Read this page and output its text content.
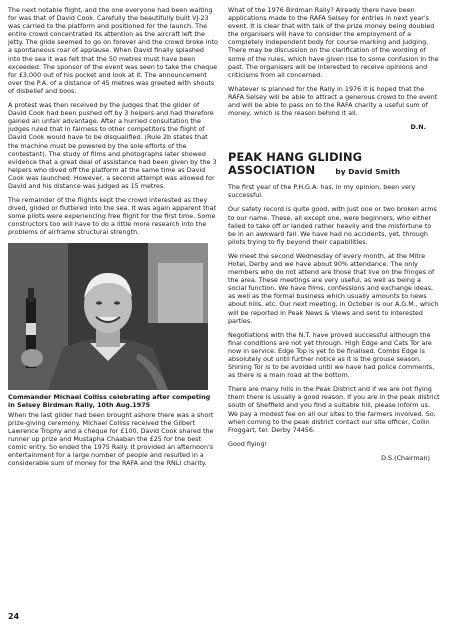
The next notable flight, and the one everyone had been waiting for was that of David Cook. Carefully the beautifully built VJ-23 was carried to the platform and positioned for the launch. The entire crowd concentrated its attention as the aircraft left the jetty. The glide seemed to go on forever and the crowd broke into a spontaneous roar of applause. When David finally splashed into the sea it was felt that the 50 metres must have been exceeded. The sponsor of the event was seen to take the cheque for £3,000 out of his pocket and look at it. The announcement over the P.A. of a distance of 45 metres was greeted with shouts of disbelief and boos.

A protest was then received by the judges that the glider of David Cook had been pushed off by 3 helpers and had therefore gained an unfair advantage. After a hurried consultation the judges ruled that in fairness to other competitors the flight of David Cook would have to be disqualified. (Rule 2b states that the machine must be powered by the sole efforts of the contestant). The study of films and photographs later showed evidence that a great deal of assistance had been given by the 3 helpers who dived off the platform at the same time as David Cook was launched. However, a second attempt was allowed for David and his distance was judged as 15 metres.

The remainder of the flights kept the crowd interested as they dived, glided or fluttered into the sea. It was again apparent that some pilots were experiencing free flight for the first time. Some constructors too will have to do a little more research into the problems of airframe structural strength.

Commander Michael Colliss celebrating after competing in Selsey Birdman Rally, 10th Aug.1975

When the last glider had been brought ashore there was a short prize-giving ceremony. Michael Colliss received the Gilbert Lawrence Trophy and a cheque for £100, David Cook shared the runner up prize and Mustapha Chaaban the £25 for the best comic entry. So ended the 1975 Rally. It provided an afternoon's entertainment for a large number of people and resulted in a considerable sum of money for the RAFA and the RNLI charity.

What of the 1976 Birdman Rally? Already there have been applications made to the RAFA Selsey for entries in next year's event. It is clear that with talk of the prize money being doubled the organisers will have to consider the employment of a completely independent body for course marking and judging. There may be discussion on the clarification of the wording of some of the rules, which have given rise to some confusion in the past. The organisers will be interested to receive opinions and criticisms from all concerned.

Whatever is planned for the Rally in 1976 it is hoped that the RAFA Selsey will be able to attract a generous crowd to the event and will be able to pass on to the RAFA charity a useful sum of money, which is the reason behind it all.

D.N.

PEAK HANG GLIDING
ASSOCIATION	by David Smith

The first year of the P.H.G.A. has, in my opinion, been very successful.

Our safety record is quite good, with just one or two broken arms to our name. These, all except one, were beginners, who either failed to take off or landed rather heavily and the misfortune to be in an awkward fall. We have had no accidents, yet, through pilots trying to fly beyond their capabilities.

We meet the second Wednesday of every month, at the Mitre Hotel, Derby and we have about 90% attendance. The only members who do not attend are those that live on the fringes of the area. These meetings are very useful, as well as being a social function. We have films, confessions and exchange ideas, as well as the formal business which usually amounts to news about hills, etc. Our next meeting, in October is our A.G.M., which will be reported in Peak News & Views and sent to interested parties.

Negotiations with the N.T. have proved successful although the final conditions are not yet through. High Edge and Cats Tor are now in service. Edge Top is yet to be finalised. Combs Edge is absolutely out until further notice as it is the grouse season. Shining Tor is to be avoided until we have had police comments, as there is a main road at the bottom.

There are many hills in the Peak District and if we are not flying them there is usually a good reason. If you are in the peak district south of Sheffield and you find a suitable hill, please inform us. We pay a modest fee on all our sites to the farmers involved. So, when coming to the peak district contact our site officer, Collin Froggart, tel: Derby 74456.

Good flying!

D.S.(Chairman)

24
